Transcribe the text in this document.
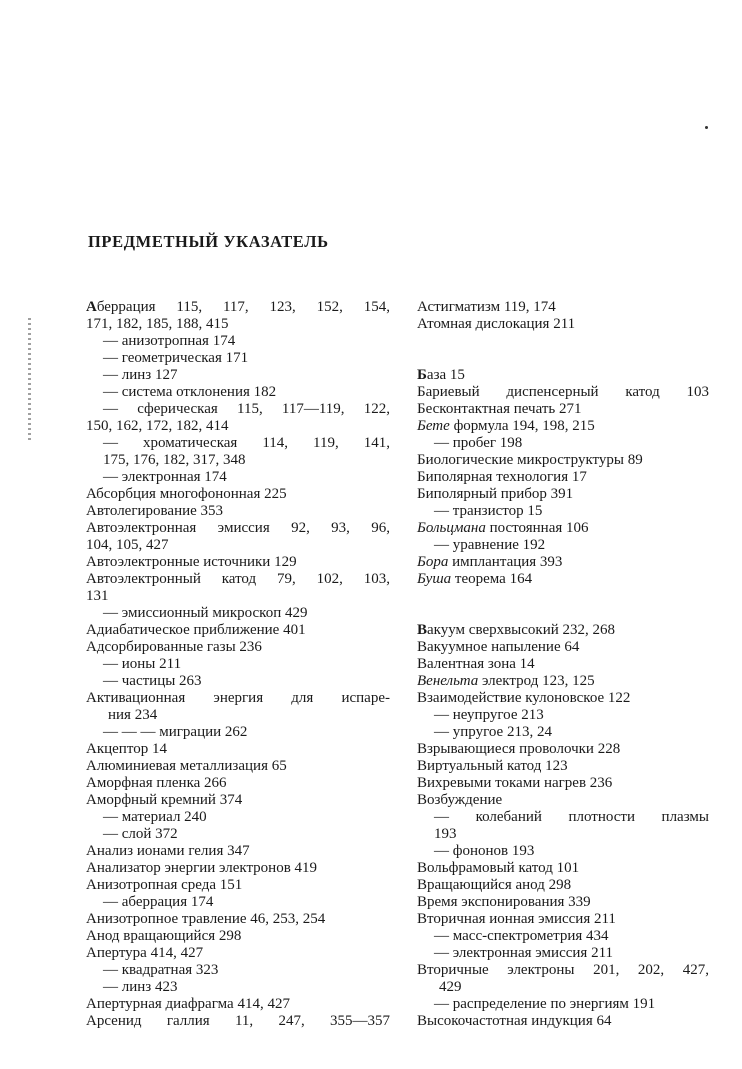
ПРЕДМЕТНЫЙ УКАЗАТЕЛЬ
Аберрация 115, 117, 123, 152, 154,
171, 182, 185, 188, 415
— анизотропная 174
— геометрическая 171
— линз 127
— система отклонения 182
— сферическая 115, 117—119, 122,
150, 162, 172, 182, 414
— хроматическая 114, 119, 141,
175, 176, 182, 317, 348
— электронная 174
Абсорбция многофононная 225
Автолегирование 353
Автоэлектронная эмиссия 92, 93, 96,
104, 105, 427
Автоэлектронные источники 129
Автоэлектронный катод 79, 102, 103,
131
— эмиссионный микроскоп 429
Адиабатическое приближение 401
Адсорбированные газы 236
— ионы 211
— частицы 263
Активационная энергия для испаре-
ния 234
— — — миграции 262
Акцептор 14
Алюминиевая металлизация 65
Аморфная пленка 266
Аморфный кремний 374
— материал 240
— слой 372
Анализ ионами гелия 347
Анализатор энергии электронов 419
Анизотропная среда 151
— аберрация 174
Анизотропное травление 46, 253, 254
Анод вращающийся 298
Апертура 414, 427
— квадратная 323
— линз 423
Апертурная диафрагма 414, 427
Арсенид галлия 11, 247, 355—357
Астигматизм 119, 174
Атомная дислокация 211
База 15
Бариевый диспенсерный катод 103
Бесконтактная печать 271
Бете формула 194, 198, 215
— пробег 198
Биологические микроструктуры 89
Биполярная технология 17
Биполярный прибор 391
— транзистор 15
Больцмана постоянная 106
— уравнение 192
Бора имплантация 393
Буша теорема 164
Вакуум сверхвысокий 232, 268
Вакуумное напыление 64
Валентная зона 14
Венельта электрод 123, 125
Взаимодействие кулоновское 122
— неупругое 213
— упругое 213, 24
Взрывающиеся проволочки 228
Виртуальный катод 123
Вихревыми токами нагрев 236
Возбуждение
— колебаний плотности плазмы
193
— фононов 193
Вольфрамовый катод 101
Вращающийся анод 298
Время экспонирования 339
Вторичная ионная эмиссия 211
— масс-спектрометрия 434
— электронная эмиссия 211
Вторичные электроны 201, 202, 427,
429
— распределение по энергиям 191
Высокочастотная индукция 64
